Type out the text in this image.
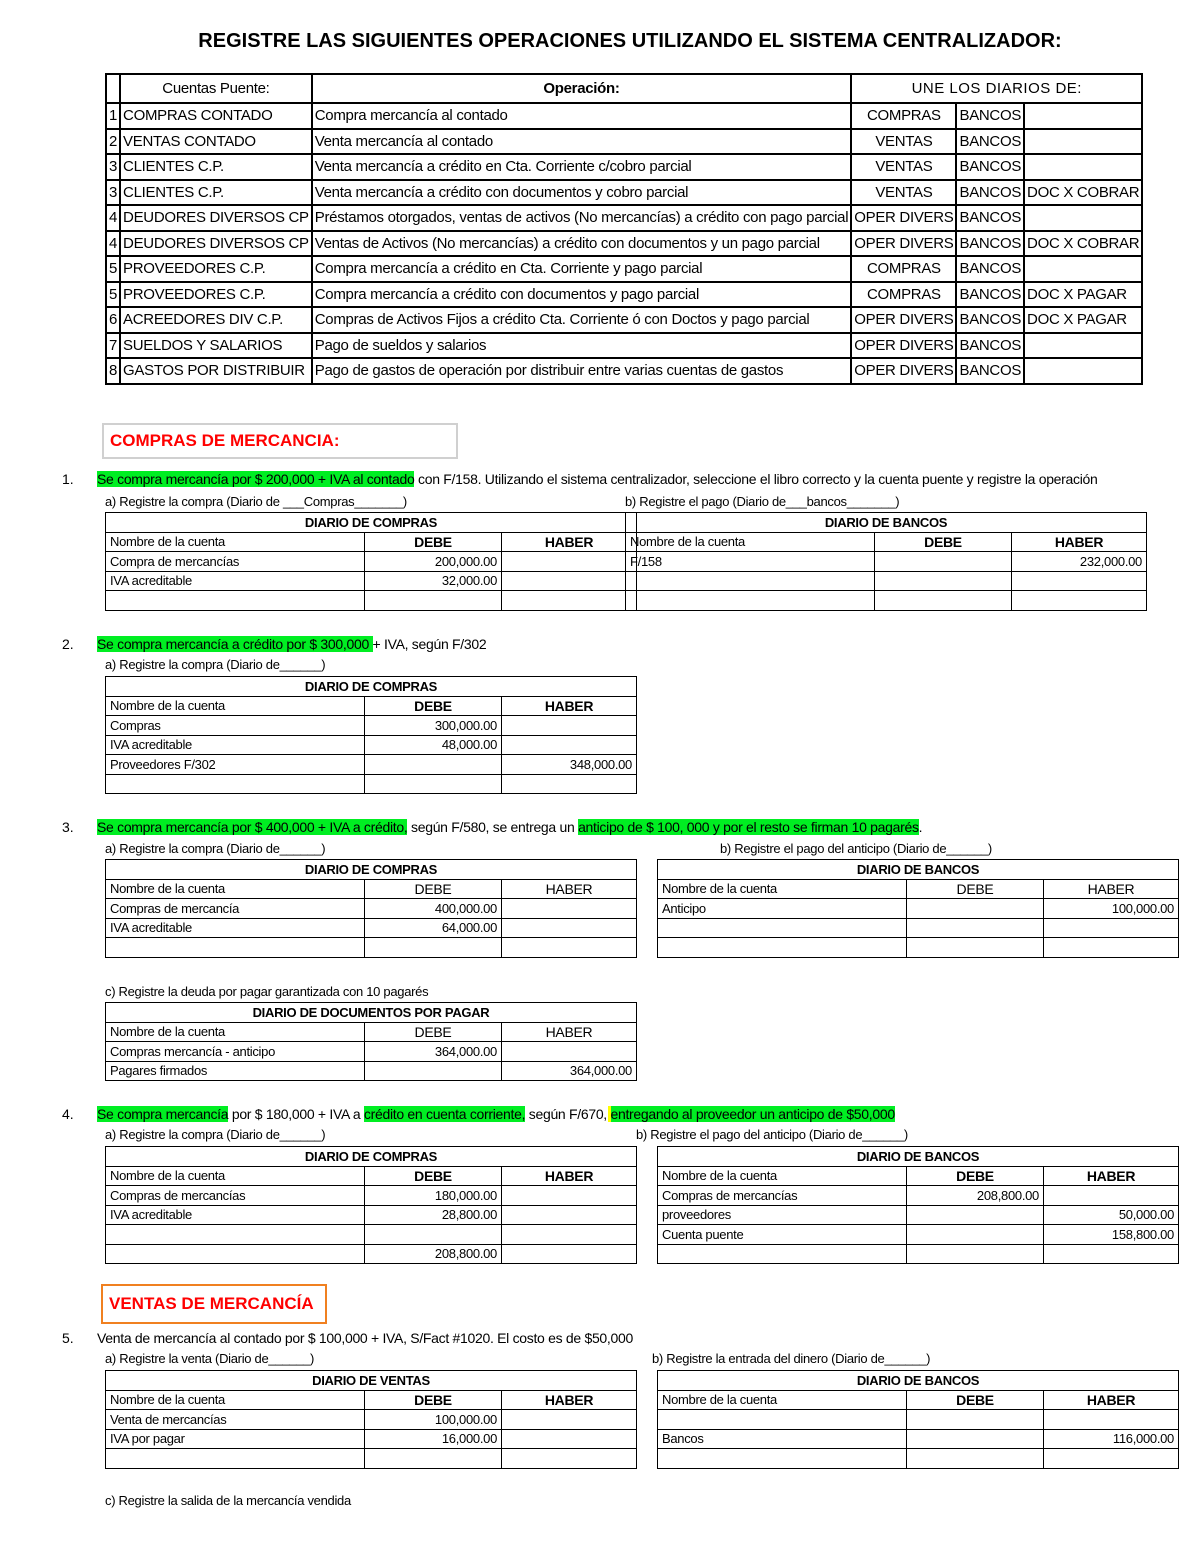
REGISTRE LAS SIGUIENTES OPERACIONES UTILIZANDO EL SISTEMA CENTRALIZADOR:
	Cuentas Puente:	Operación:	UNE LOS DIARIOS DE:		
1	COMPRAS CONTADO	Compra mercancía al contado	COMPRAS	BANCOS	
2	VENTAS CONTADO	Venta mercancía al contado	VENTAS	BANCOS	
3	CLIENTES C.P.	Venta mercancía a crédito en Cta. Corriente c/cobro parcial	VENTAS	BANCOS	
3	CLIENTES C.P.	Venta mercancía a crédito con documentos y cobro parcial	VENTAS	BANCOS	DOC X COBRAR
4	DEUDORES DIVERSOS CP	Préstamos otorgados, ventas de activos (No mercancías) a crédito con pago parcial	OPER DIVERS	BANCOS	
4	DEUDORES DIVERSOS CP	Ventas de Activos (No mercancías) a crédito con documentos y un pago parcial	OPER DIVERS	BANCOS	DOC X COBRAR
5	PROVEEDORES C.P.	Compra mercancía a crédito en Cta. Corriente y pago parcial	COMPRAS	BANCOS	
5	PROVEEDORES C.P.	Compra mercancía a crédito con documentos y pago parcial	COMPRAS	BANCOS	DOC X PAGAR
6	ACREEDORES DIV C.P.	Compras de Activos Fijos a crédito Cta. Corriente ó con Doctos y pago parcial	OPER DIVERS	BANCOS	DOC X PAGAR
7	SUELDOS Y SALARIOS	Pago de sueldos y salarios	OPER DIVERS	BANCOS	
8	GASTOS POR DISTRIBUIR	Pago de gastos de operación por distribuir entre varias cuentas de gastos	OPER DIVERS	BANCOS	
COMPRAS DE MERCANCIA:
1. Se compra mercancía por $ 200,000 + IVA al contado con F/158. Utilizando el sistema centralizador, seleccione el libro correcto y la cuenta puente y registre la operación
a) Registre la compra (Diario de ___Compras_______)	b) Registre el pago (Diario de___bancos_______)
DIARIO DE COMPRAS		
Nombre de la cuenta	DEBE	HABER
Compra de mercancías	200,000.00	
IVA acreditable	32,000.00	

DIARIO DE BANCOS		
Nombre de la cuenta	DEBE	HABER
F/158		232,000.00

2. Se compra mercancía a crédito por $ 300,000 + IVA, según F/302
a) Registre la compra (Diario de______)
DIARIO DE COMPRAS		
Nombre de la cuenta	DEBE	HABER
Compras	300,000.00	
IVA acreditable	48,000.00	
Proveedores F/302		348,000.00

3. Se compra mercancía por $ 400,000 + IVA a crédito, según F/580, se entrega un anticipo de $ 100, 000 y por el resto se firman 10 pagarés.
a) Registre la compra (Diario de______)	b) Registre el pago del anticipo (Diario de______)
DIARIO DE COMPRAS		
Nombre de la cuenta	DEBE	HABER
Compras de mercancía	400,000.00	
IVA acreditable	64,000.00	

DIARIO DE BANCOS		
Nombre de la cuenta	DEBE	HABER
Anticipo		100,000.00

c) Registre la deuda por pagar garantizada con 10 pagarés
DIARIO DE DOCUMENTOS POR PAGAR		
Nombre de la cuenta	DEBE	HABER
Compras mercancía - anticipo	364,000.00	
Pagares firmados		364,000.00
4. Se compra mercancía por $ 180,000 + IVA a crédito en cuenta corriente, según F/670, entregando al proveedor un anticipo de $50,000
a) Registre la compra (Diario de______)	b) Registre el pago del anticipo (Diario de______)
DIARIO DE COMPRAS		
Nombre de la cuenta	DEBE	HABER
Compras de mercancías	180,000.00	
IVA acreditable	28,800.00	

	208,800.00	
DIARIO DE BANCOS		
Nombre de la cuenta	DEBE	HABER
Compras de mercancías	208,800.00	
proveedores		50,000.00
Cuenta puente		158,800.00

VENTAS DE MERCANCÍA
5. Venta de mercancía al contado por $ 100,000 + IVA, S/Fact #1020. El costo es de $50,000
a) Registre la venta (Diario de______)	b) Registre la entrada del dinero (Diario de______)
DIARIO DE VENTAS		
Nombre de la cuenta	DEBE	HABER
Venta de mercancías	100,000.00	
IVA por pagar	16,000.00	

DIARIO DE BANCOS		
Nombre de la cuenta	DEBE	HABER

Bancos		116,000.00

c) Registre la salida de la mercancía vendida
